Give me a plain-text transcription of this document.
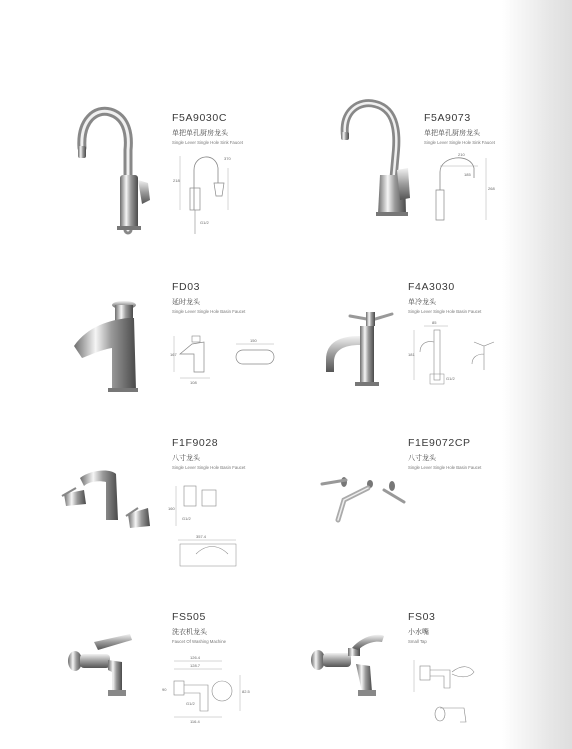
F5A9030C
单把单孔厨房龙头
Single Lever Single Hole Sink Faucet
218
370
G1/2
F5A9073
单把单孔厨房龙头
Single Lever Single Hole Sink Faucet
210
185
268
FD03
延时龙头
Single Lever Single Hole Basin Faucet
167
108
150
F4A3030
单冷龙头
Single Lever Single Hole Basin Faucet
85
181
G1/2
F1F9028
八寸龙头
Single Lever Single Hole Basin Faucet
G1/2
357.4
160
F1E9072CP
八寸龙头
Single Lever Single Hole Basin Faucet
FS505
洗衣机龙头
Faucet Of Washing Machine
126.4
128.7
90	82.5
G1/2
116.4
FS03
小水嘴
Small Tap
